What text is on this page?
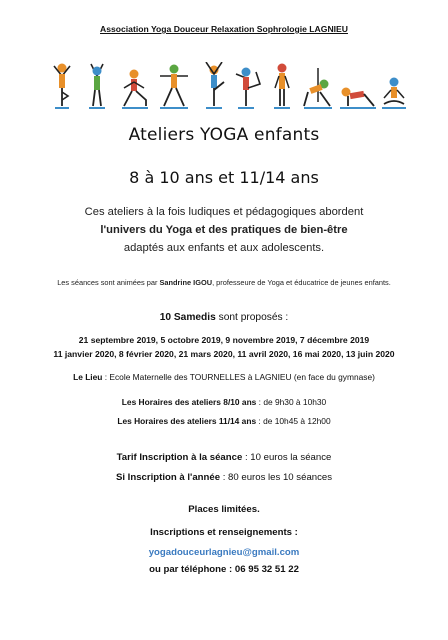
Association Yoga Douceur Relaxation Sophrologie LAGNIEU
Ateliers YOGA enfants
8 à 10 ans et 11/14 ans
Ces ateliers à la fois ludiques et pédagogiques abordent
l'univers du Yoga et des pratiques de bien-être
adaptés aux enfants et aux adolescents.
Les séances sont animées par Sandrine IGOU, professeure de Yoga et éducatrice de jeunes enfants.
10 Samedis sont proposés :
21 septembre 2019, 5 octobre 2019, 9 novembre 2019, 7 décembre 2019
11 janvier 2020, 8 février 2020, 21 mars 2020, 11 avril 2020, 16 mai 2020, 13 juin 2020
Le Lieu : Ecole Maternelle des TOURNELLES à LAGNIEU (en face du gymnase)
Les Horaires des ateliers 8/10 ans : de 9h30 à 10h30
Les Horaires des ateliers 11/14 ans : de 10h45 à 12h00
Tarif Inscription à la séance : 10 euros la séance
Si Inscription à l'année : 80 euros les 10 séances
Places limitées.
Inscriptions et renseignements :
yogadouceurlagnieu@gmail.com
ou par téléphone : 06 95 32 51 22
